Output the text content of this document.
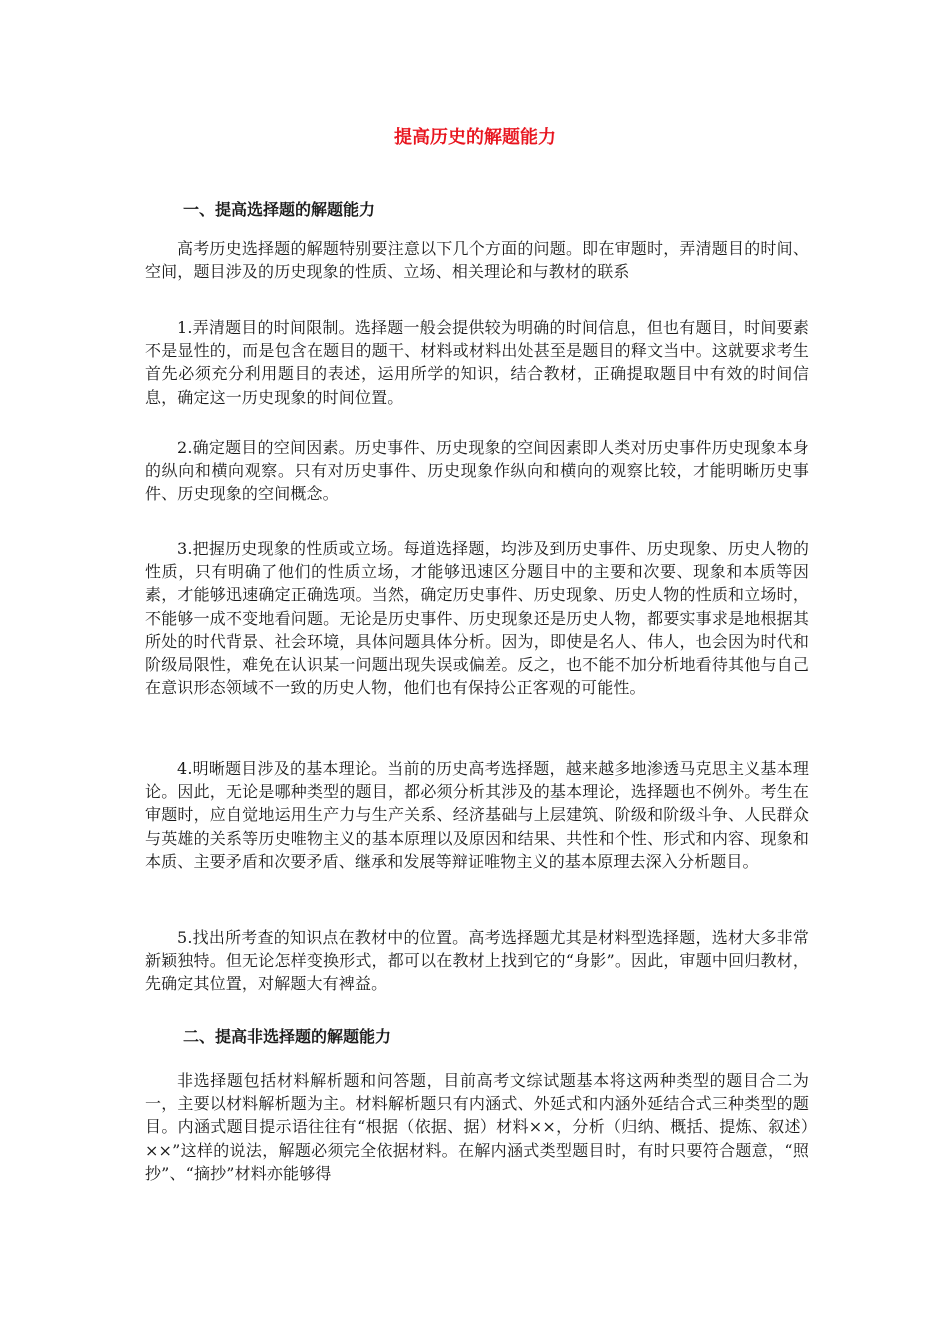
提高历史的解题能力
一、提高选择题的解题能力

高考历史选择题的解题特别要注意以下几个方面的问题。即在审题时，弄清题目的时间、空间，题目涉及的历史现象的性质、立场、相关理论和与教材的联系

1.弄清题目的时间限制。选择题一般会提供较为明确的时间信息，但也有题目，时间要素不是显性的，而是包含在题目的题干、材料或材料出处甚至是题目的释文当中。这就要求考生首先必须充分利用题目的表述，运用所学的知识，结合教材，正确提取题目中有效的时间信息，确定这一历史现象的时间位置。

2.确定题目的空间因素。历史事件、历史现象的空间因素即人类对历史事件历史现象本身的纵向和横向观察。只有对历史事件、历史现象作纵向和横向的观察比较，才能明晰历史事件、历史现象的空间概念。

3.把握历史现象的性质或立场。每道选择题，均涉及到历史事件、历史现象、历史人物的性质，只有明确了他们的性质立场，才能够迅速区分题目中的主要和次要、现象和本质等因素，才能够迅速确定正确选项。当然，确定历史事件、历史现象、历史人物的性质和立场时，不能够一成不变地看问题。无论是历史事件、历史现象还是历史人物，都要实事求是地根据其所处的时代背景、社会环境，具体问题具体分析。因为，即使是名人、伟人，也会因为时代和阶级局限性，难免在认识某一问题出现失误或偏差。反之，也不能不加分析地看待其他与自己在意识形态领域不一致的历史人物，他们也有保持公正客观的可能性。

4.明晰题目涉及的基本理论。当前的历史高考选择题，越来越多地渗透马克思主义基本理论。因此，无论是哪种类型的题目，都必须分析其涉及的基本理论，选择题也不例外。考生在审题时，应自觉地运用生产力与生产关系、经济基础与上层建筑、阶级和阶级斗争、人民群众与英雄的关系等历史唯物主义的基本原理以及原因和结果、共性和个性、形式和内容、现象和本质、主要矛盾和次要矛盾、继承和发展等辩证唯物主义的基本原理去深入分析题目。

5.找出所考查的知识点在教材中的位置。高考选择题尤其是材料型选择题，选材大多非常新颖独特。但无论怎样变换形式，都可以在教材上找到它的“身影”。因此，审题中回归教材，先确定其位置，对解题大有裨益。

二、提高非选择题的解题能力

非选择题包括材料解析题和问答题，目前高考文综试题基本将这两种类型的题目合二为一，主要以材料解析题为主。材料解析题只有内涵式、外延式和内涵外延结合式三种类型的题目。内涵式题目提示语往往有“根据（依据、据）材料××，分析（归纳、概括、提炼、叙述）××”这样的说法，解题必须完全依据材料。在解内涵式类型题目时，有时只要符合题意，“照抄”、“摘抄”材料亦能够得
